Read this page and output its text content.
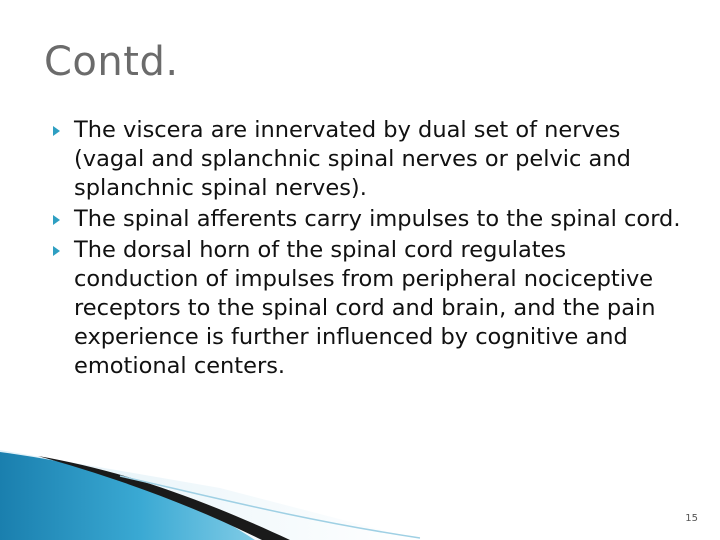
Contd.
The viscera are innervated by dual set of nerves (vagal and splanchnic spinal nerves or pelvic and splanchnic spinal nerves).
The spinal afferents carry impulses to the spinal cord.
The dorsal horn of the spinal cord regulates conduction of impulses from peripheral nociceptive receptors to the spinal cord and brain, and the pain experience is further influenced by cognitive and emotional centers.
15
